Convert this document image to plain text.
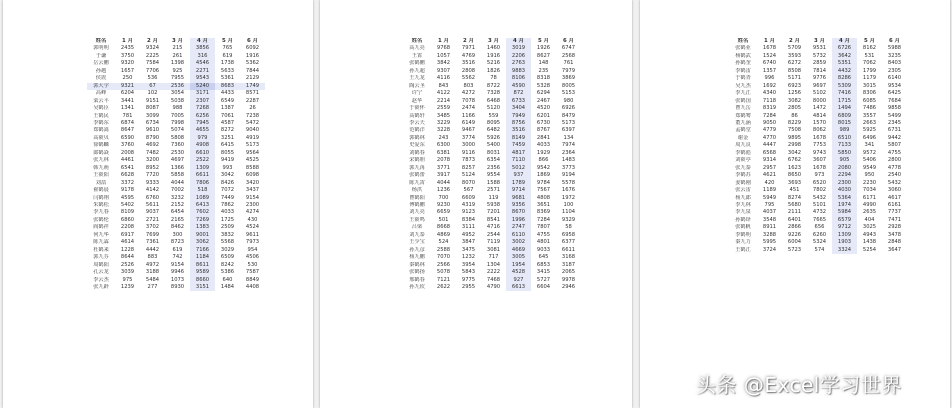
姓名	1 月	2 月	3 月	4 月	5 月	6 月
郭明明	2435	9324	215	3856	765	6092
于谦	3750	2225	261	316	619	1916
岳云鹏	9320	7584	1398	4546	1738	5362
孙越	1657	7706	925	2271	5633	7844
侯震	250	536	7955	9543	5361	2129
郭大宇	9321	67	2536	5240	8683	1749
高峰	6204	102	3054	3171	4433	8571
栾云平	3441	9151	5038	2307	6549	2287
吴鹤臣	1341	8087	988	7268	1387	26
王鹤民	781	3099	7005	6256	7061	7238
李鹤东	6874	6734	7998	7945	4587	5472
郑鹤嵩	8647	9610	5074	4655	8272	9040
高筱贝	6590	8790	5808	979	3251	4919
徐鹤麟	3760	4692	7360	4908	6415	5173
郎鹤焱	2008	7482	2530	6610	8055	9564
张九林	4461	3200	4697	2522	9419	4525
韩九萌	6541	8952	1366	1309	993	8588
王筱阳	6628	7720	5858	6611	3042	6098
刘喆	3372	9333	4044	7806	8426	3420
翟鹤晨	9178	4142	7002	518	7072	3437
闫鹤翔	4595	6760	3232	1089	7449	9154
朱鹤松	5402	5611	2152	6413	7862	2300
李九春	8109	9037	6454	7602	4033	4274
张鹤伦	6860	2721	2165	7269	1725	430
阎鹤祥	2208	3702	8462	1383	2509	4524
何九华	6917	7699	300	9001	3832	9611
陈九霖	4614	7361	8723	3062	5568	7973
杜鹤来	1228	4442	619	7166	3029	954
郭九芬	8644	883	742	1184	6509	4506
周鹤阳	2526	4972	9154	8611	8242	530
孔云龙	3039	3188	9946	9589	5386	7587
李云杰	975	5484	1073	8660	640	8849
张九龄	1239	277	8930	3151	1484	4408
姓名	1 月	2 月	3 月	4 月	5 月	6 月
高九亮	9768	7971	1460	3019	1926	6747
王霄	1057	4769	1916	2206	8627	2568
张鹤鹏	3842	3516	5216	2763	148	761
孙九超	9307	2808	1826	9883	235	7979
王九龙	4116	5562	78	8106	8318	3869
陶云圣	843	803	8722	4590	5328	8005
许宁	4122	4272	7328	872	6294	5153
赵华	2214	7078	6468	6733	2467	980
于筱怀	2559	2474	5120	3404	4520	6926
高鹤轩	3485	1166	559	7949	6201	8479
李云天	3229	6149	8095	8756	6730	5173
范鹤洋	3228	9467	6482	3516	8767	6397
郭鹤林	243	3774	5926	8149	2841	134
史爱东	6300	3000	5400	7459	4033	7974
刘鹤春	6381	9116	8031	4817	1929	2364
宋鹤朋	2078	7873	6354	7110	866	1483
郭九苒	3771	8257	2356	5012	9542	3773
张鹤蕾	3917	5124	9554	937	1869	9194
陈九霄	4044	8070	1588	1789	9784	5578
杨洪	1236	567	2571	9714	7567	1676
曹鹤阳	700	6609	119	9681	4808	1972
傅鹤鹏	9230	4319	5938	9356	3651	100
刘九亮	6659	9123	7201	8670	8369	1104
王筱鸣	501	8384	8541	1996	7284	9329
吕梁	8668	3111	4716	2747	7807	58
刘九泰	4869	4952	2544	6110	4755	6958
王少宝	524	3847	7119	3002	4801	6377
孙九彦	2588	3475	3081	4669	9033	6611
杨九鹏	7070	1232	717	3005	645	3168
秦鹤林	2566	3954	1304	1954	6853	3187
张鹤扬	5078	5843	2222	4528	3415	2065
邢鹤春	7121	9775	7468	927	5727	9978
孙九钦	2622	2955	4790	6613	6604	2946
姓名	1 月	2 月	3 月	4 月	5 月	6 月
张鹤业	1678	5709	9531	6726	8162	5988
杨鹤武	1524	3593	5732	3642	531	3235
孙鹤奎	6740	6272	2859	5351	7062	8403
李鹤雷	1357	8508	7814	4432	1799	2305
于鹤青	996	5171	9776	8286	1179	6140
吴九杰	1692	6923	9697	5309	3015	9534
李九江	4340	1256	5102	7416	8306	6425
张鹤国	7118	3082	8000	1715	6085	7684
曹九岳	8319	2805	1472	1494	7486	9858
郑鹤骞	7284	86	4814	6809	3557	5499
董九涵	9050	8229	1570	8015	2663	2345
孟鹤堂	4779	7508	8062	989	5925	6731
谢金	4770	9895	1678	6510	6496	9442
周九良	4447	2998	7753	7133	341	5807
李鹤彪	6568	3042	9743	5850	9572	4755
刘筱亭	9314	6762	3607	905	5406	2800
张九泰	2957	1623	1678	2080	9549	4778
李鹤苏	4621	8650	973	2294	950	2540
姜鹤刚	420	3693	6520	2300	2230	5432
张云雷	1189	451	7802	4030	7034	3060
杨九郎	5949	8274	5432	5364	6171	4617
李九林	795	5680	5101	1974	4990	6161
李九泉	4037	2111	4732	5984	2635	7737
孙鹤铎	3548	6401	7665	6579	404	7471
张鹤帆	8911	2866	656	9712	3025	2928
李鹤明	3288	9226	6260	1309	4943	3478
秦九力	5995	6004	5324	1903	1438	2848
王鹤江	3724	5723	574	3324	5254	3647
头条 @Excel学习世界
